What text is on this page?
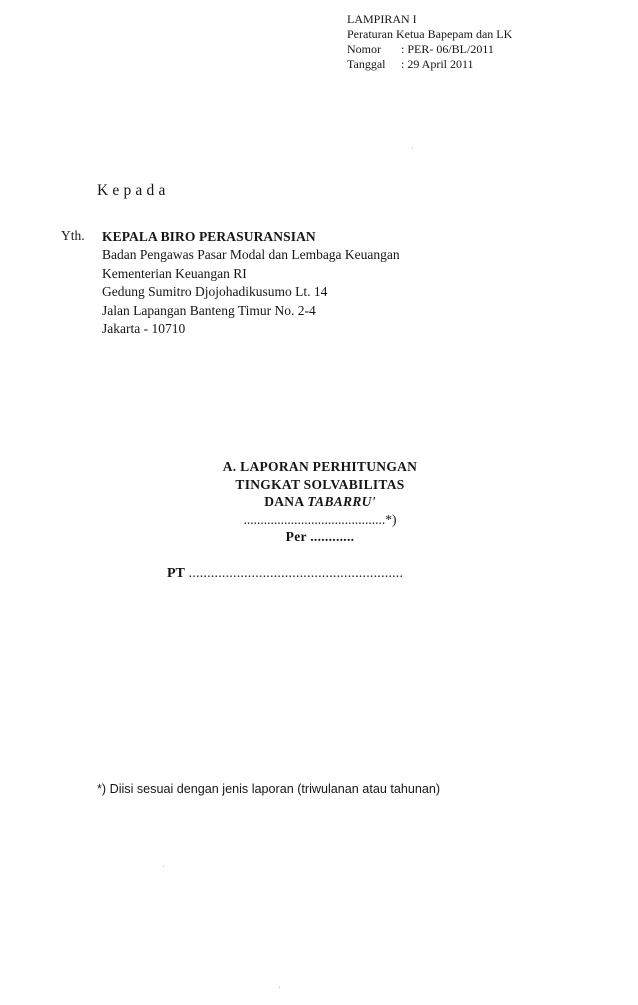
LAMPIRAN I
Peraturan Ketua Bapepam dan LK
Nomor : PER- 06/BL/2011
Tanggal : 29 April 2011
Kepada
Yth. KEPALA BIRO PERASURANSIAN
Badan Pengawas Pasar Modal dan Lembaga Keuangan
Kementerian Keuangan RI
Gedung Sumitro Djojohadikusumo Lt. 14
Jalan Lapangan Banteng Timur No. 2-4
Jakarta - 10710
A. LAPORAN PERHITUNGAN
TINGKAT SOLVABILITAS
DANA TABARRU'
..........................................*)
Per ............
PT ..........................................................
*) Diisi sesuai dengan jenis laporan (triwulanan atau tahunan)
